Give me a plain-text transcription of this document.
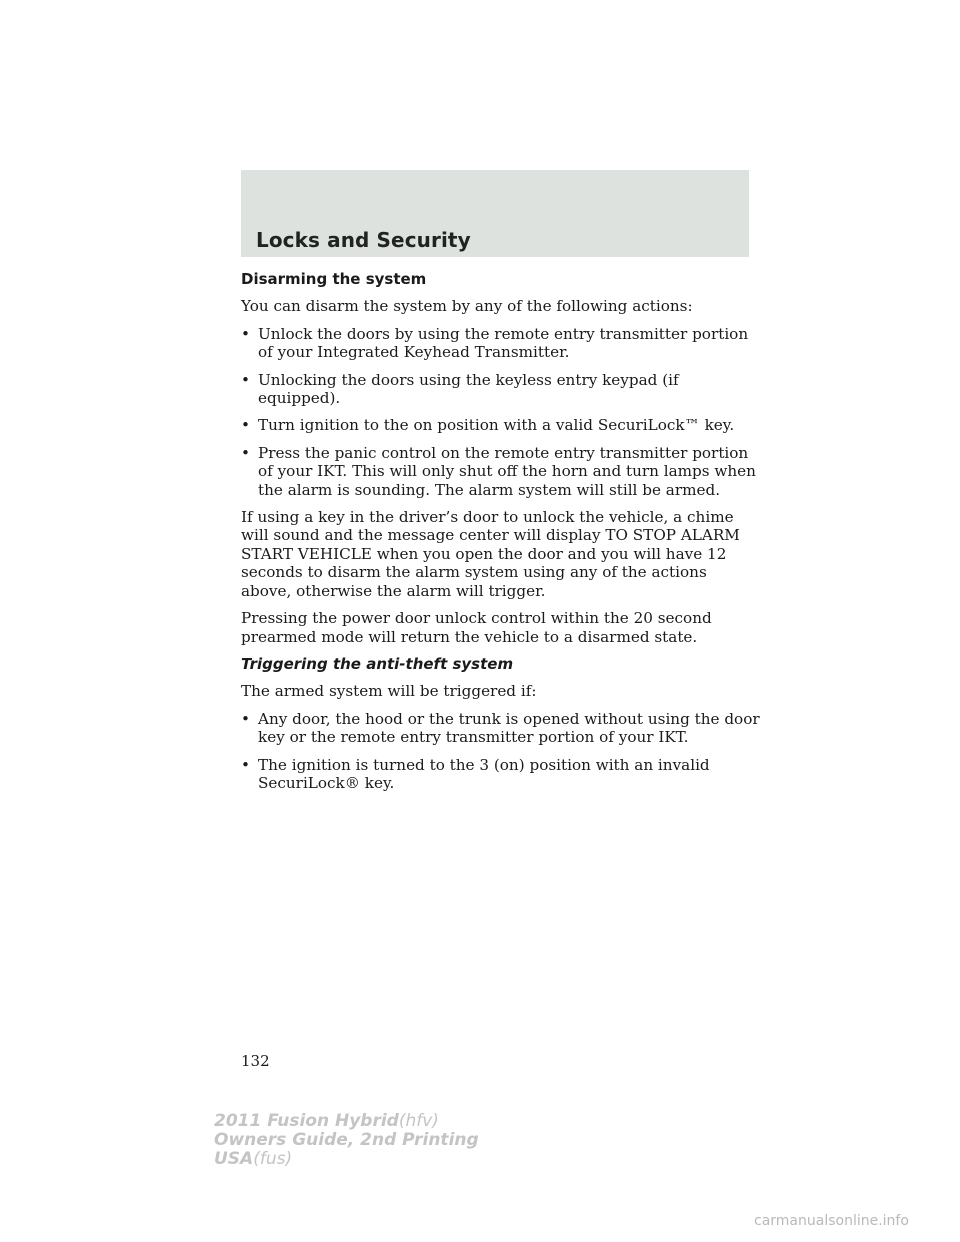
Locks and Security
Disarming the system

You can disarm the system by any of the following actions:

• Unlock the doors by using the remote entry transmitter portion of your Integrated Keyhead Transmitter.
• Unlocking the doors using the keyless entry keypad (if equipped).
• Turn ignition to the on position with a valid SecuriLock™ key.
• Press the panic control on the remote entry transmitter portion of your IKT. This will only shut off the horn and turn lamps when the alarm is sounding. The alarm system will still be armed.

If using a key in the driver’s door to unlock the vehicle, a chime will sound and the message center will display TO STOP ALARM START VEHICLE when you open the door and you will have 12 seconds to disarm the alarm system using any of the actions above, otherwise the alarm will trigger.

Pressing the power door unlock control within the 20 second prearmed mode will return the vehicle to a disarmed state.

Triggering the anti-theft system

The armed system will be triggered if:

• Any door, the hood or the trunk is opened without using the door key or the remote entry transmitter portion of your IKT.
• The ignition is turned to the 3 (on) position with an invalid SecuriLock® key.
132
2011 Fusion Hybrid(hfv)
Owners Guide, 2nd Printing
USA(fus)
carmanualsonline.info
